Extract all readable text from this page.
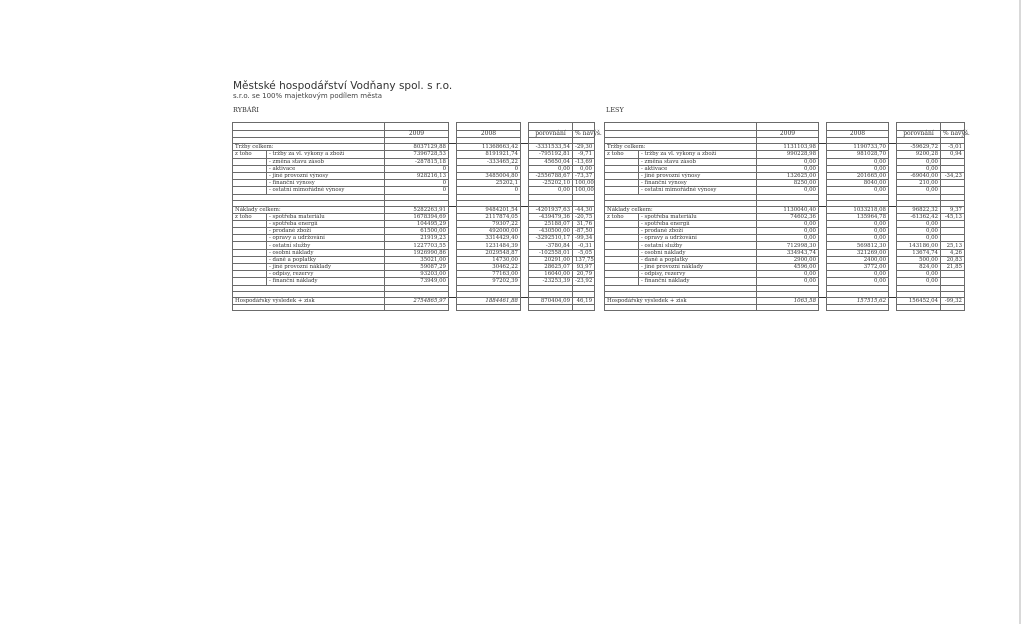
Městské hospodářství Vodňany spol. s r.o.
s.r.o. se 100% majetkovým podílem města
RYBÁŘI	LESY

		2009		2008		porovnání	% navýš.

Tržby celkem:		8037129,88		11368663,42		-3331533,54	-29,30
z toho	- tržby za vl. výkony a zboží	7396728,53		8191921,74		-795192,81	-9,71
	- změna stavu zásob	-287815,18		-333465,22		45650,04	-13,69
	- aktivace	0		0		0,00	0,00
	- jiné provozní výnosy	928216,13		3485004,80		-2556788,67	-73,37
	- finanční výnosy	0		25202,1		-25202,10	100,00
	- ostatní mimořádné výnosy	0		0		0,00	100,00

Náklady celkem:		5282263,91		9484201,54		-4201937,63	-44,30
z toho	- spotřeba materiálu	1678394,69		2117874,05		-439479,36	-20,75
	- spotřeba energií	104495,29		79307,22		25188,07	31,76
	- prodané zboží	61500,00		492000,00		-430500,00	-87,50
	- opravy a udržování	21919,23		3314429,40		-3292510,17	-99,34
	- ostatní služby	1227703,55		1231484,39		-3780,84	-0,31
	- osobní náklady	1926990,86		2029548,87		-102558,01	-5,05
	- daně a poplatky	35021,00		14730,00		20291,00	137,75
	- jiné provozní náklady	59087,29		30462,22		28625,07	93,97
	- odpisy, rezervy	93203,00		77163,00		16040,00	20,79
	- finanční náklady	73949,00		97202,39		-23253,39	-23,92

Hospodářský výsledek + zisk		2754865,97		1884461,88		870404,09	46,19

		2009		2008		porovnání	% navýš.

Tržby celkem:		1131103,98		1190733,70		-59629,72	-5,01
z toho	- tržby za vl. výkony a zboží	990228,98		981028,70		9200,28	0,94
	- změna stavu zásob	0,00		0,00		0,00	
	- aktivace	0,00		0,00		0,00	
	- jiné provozní výnosy	132625,00		201665,00		-69040,00	-34,23
	- finanční výnosy	8250,00		8040,00		210,00	
	- ostatní mimořádné výnosy	0,00		0,00		0,00	

Náklady celkem:		1130040,40		1033218,08		96822,32	9,37
z toho	- spotřeba materiálu	74602,36		135964,78		-61362,42	-45,13
	- spotřeba energií	0,00		0,00		0,00	
	- prodané zboží	0,00		0,00		0,00	
	- opravy a udržování	0,00		0,00		0,00	
	- ostatní služby	712998,30		569812,30		143186,00	25,13
	- osobní náklady	334943,74		321269,00		13674,74	4,26
	- daně a poplatky	2900,00		2400,00		500,00	20,83
	- jiné provozní náklady	4596,00		3772,00		824,00	21,85
	- odpisy, rezervy	0,00		0,00		0,00	
	- finanční náklady	0,00		0,00		0,00	

Hospodářský výsledek + zisk		1063,58		157515,62		156452,04	-99,32
